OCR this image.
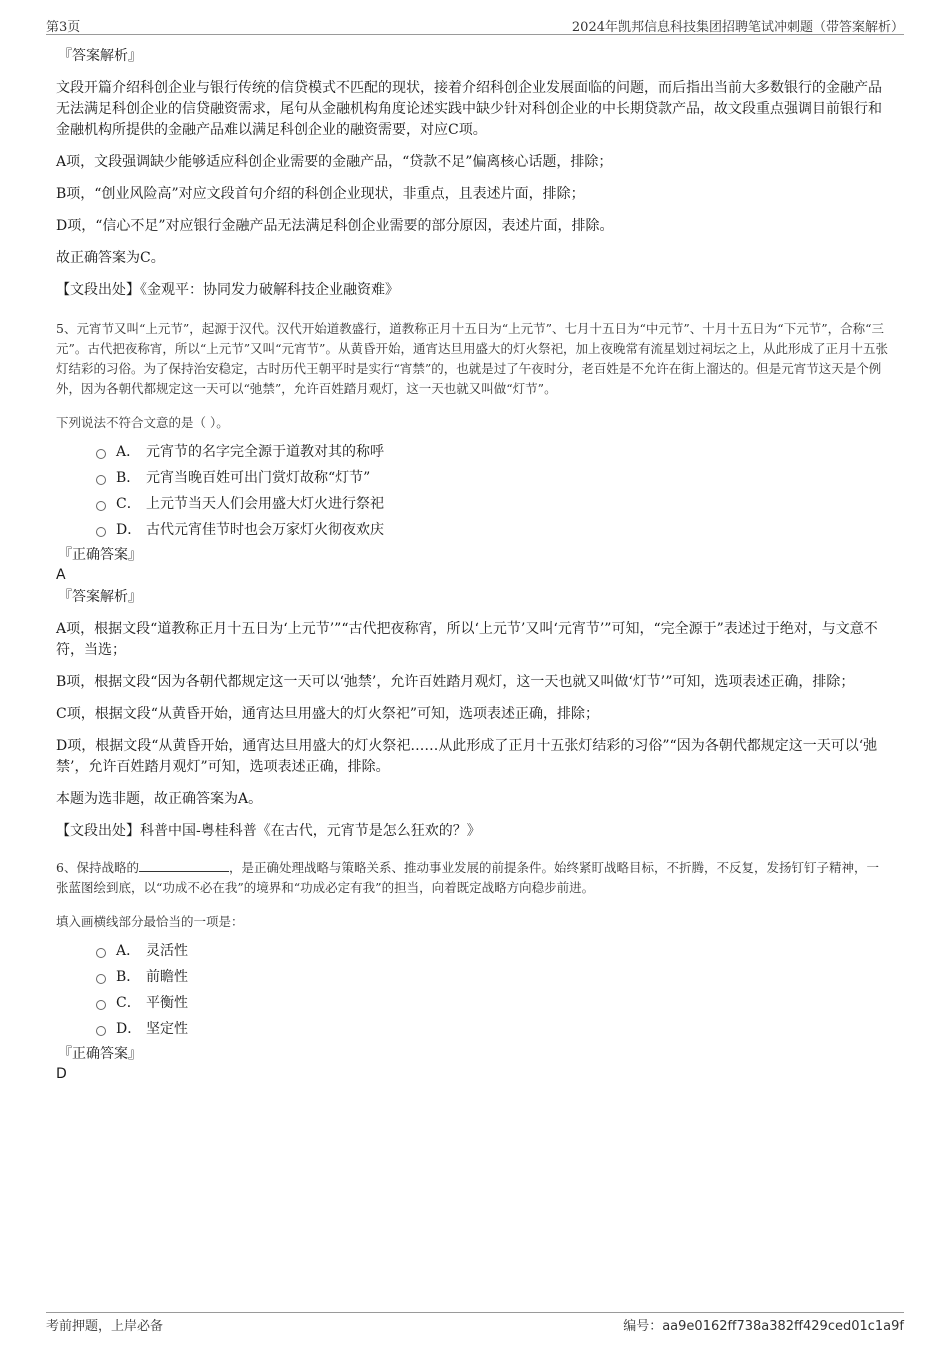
第3页	2024年凯邦信息科技集团招聘笔试冲刺题（带答案解析）

『答案解析』

文段开篇介绍科创企业与银行传统的信贷模式不匹配的现状，接着介绍科创企业发展面临的问题，而后指出当前大多数银行的金融产品无法满足科创企业的信贷融资需求，尾句从金融机构角度论述实践中缺少针对科创企业的中长期贷款产品，故文段重点强调目前银行和金融机构所提供的金融产品难以满足科创企业的融资需要，对应C项。

A项，文段强调缺少能够适应科创企业需要的金融产品，“贷款不足”偏离核心话题，排除；

B项，“创业风险高”对应文段首句介绍的科创企业现状，非重点，且表述片面，排除；

D项，“信心不足”对应银行金融产品无法满足科创企业需要的部分原因，表述片面，排除。

故正确答案为C。

【文段出处】《金观平：协同发力破解科技企业融资难》

5、元宵节又叫“上元节”，起源于汉代。汉代开始道教盛行，道教称正月十五日为“上元节”、七月十五日为“中元节”、十月十五日为“下元节”，合称“三元”。古代把夜称宵，所以“上元节”又叫“元宵节”。从黄昏开始，通宵达旦用盛大的灯火祭祀，加上夜晚常有流星划过祠坛之上，从此形成了正月十五张灯结彩的习俗。为了保持治安稳定，古时历代王朝平时是实行“宵禁”的，也就是过了午夜时分，老百姓是不允许在街上溜达的。但是元宵节这天是个例外，因为各朝代都规定这一天可以“弛禁”，允许百姓踏月观灯，这一天也就又叫做“灯节”。

下列说法不符合文意的是（ ）。

A． 元宵节的名字完全源于道教对其的称呼
B． 元宵当晚百姓可出门赏灯故称“灯节”
C． 上元节当天人们会用盛大灯火进行祭祀
D． 古代元宵佳节时也会万家灯火彻夜欢庆

『正确答案』

A

『答案解析』

A项，根据文段“道教称正月十五日为‘上元节’”“古代把夜称宵，所以‘上元节’又叫‘元宵节’”可知，“完全源于”表述过于绝对，与文意不符，当选；

B项，根据文段“因为各朝代都规定这一天可以‘弛禁’，允许百姓踏月观灯，这一天也就又叫做‘灯节’”可知，选项表述正确，排除；

C项，根据文段“从黄昏开始，通宵达旦用盛大的灯火祭祀”可知，选项表述正确，排除；

D项，根据文段“从黄昏开始，通宵达旦用盛大的灯火祭祀……从此形成了正月十五张灯结彩的习俗”“因为各朝代都规定这一天可以‘弛禁’，允许百姓踏月观灯”可知，选项表述正确，排除。

本题为选非题，故正确答案为A。

【文段出处】科普中国-粤桂科普《在古代，元宵节是怎么狂欢的？》

6、保持战略的	，是正确处理战略与策略关系、推动事业发展的前提条件。始终紧盯战略目标，不折腾，不反复，发扬钉钉子精神，一张蓝图绘到底，以“功成不必在我”的境界和“功成必定有我”的担当，向着既定战略方向稳步前进。

填入画横线部分最恰当的一项是：

A． 灵活性
B． 前瞻性
C． 平衡性
D． 坚定性

『正确答案』

D

考前押题，上岸必备	编号：aa9e0162ff738a382ff429ced01c1a9f
